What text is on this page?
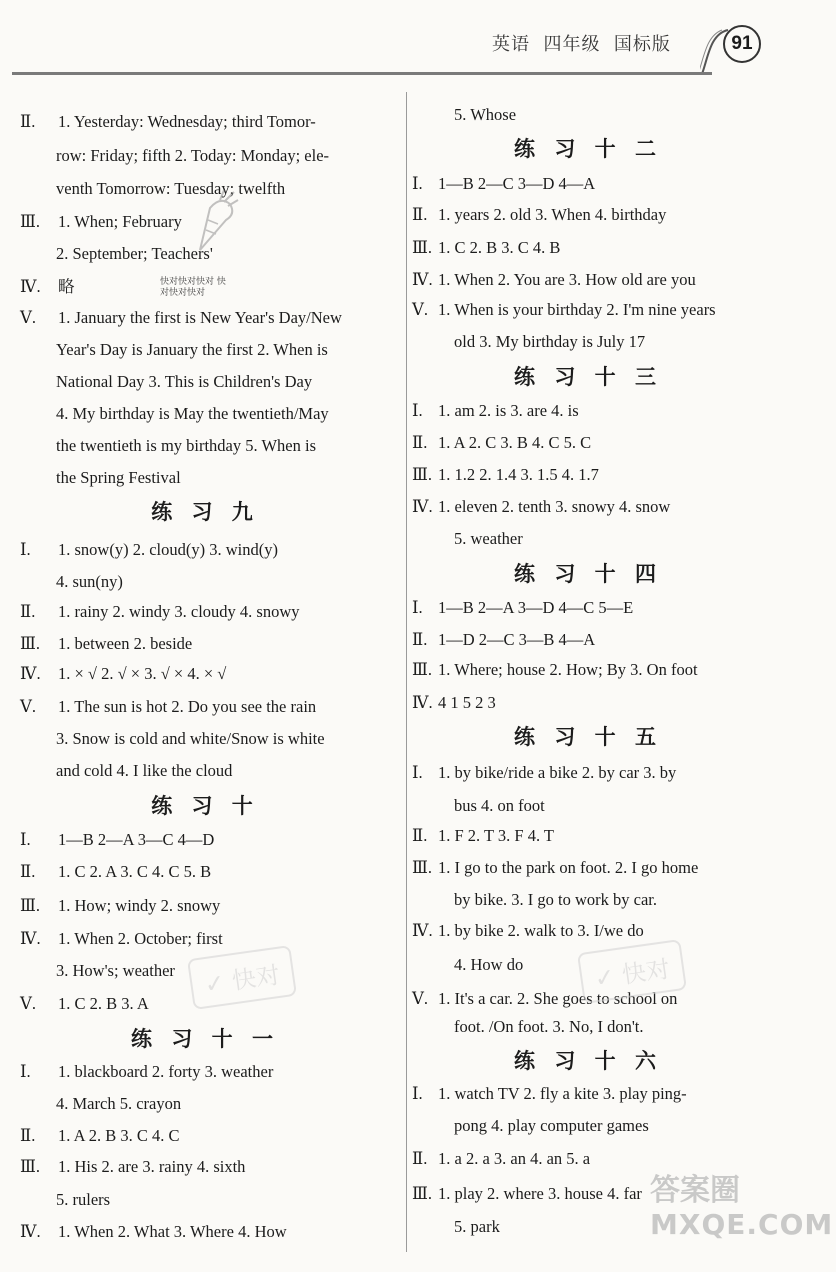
英语  四年级  国标版	91
Ⅱ. 1. Yesterday: Wednesday; third Tomor-
row: Friday; fifth 2. Today: Monday; ele-
venth Tomorrow: Tuesday; twelfth
Ⅲ. 1. When; February
2. September; Teachers'
Ⅳ. 略
Ⅴ. 1. January the first is New Year's Day/New
Year's Day is January the first 2. When is
National Day 3. This is Children's Day
4. My birthday is May the twentieth/May
the twentieth is my birthday 5. When is
the Spring Festival
练 习 九
Ⅰ. 1. snow(y) 2. cloud(y) 3. wind(y)
4. sun(ny)
Ⅱ. 1. rainy 2. windy 3. cloudy 4. snowy
Ⅲ. 1. between 2. beside
Ⅳ. 1. × √ 2. √ × 3. √ × 4. × √
Ⅴ. 1. The sun is hot 2. Do you see the rain
3. Snow is cold and white/Snow is white
and cold 4. I like the cloud
练 习 十
Ⅰ. 1—B 2—A 3—C 4—D
Ⅱ. 1. C 2. A 3. C 4. C 5. B
Ⅲ. 1. How; windy 2. snowy
Ⅳ. 1. When 2. October; first
3. How's; weather
Ⅴ. 1. C 2. B 3. A
练 习 十 一
Ⅰ. 1. blackboard 2. forty 3. weather
4. March 5. crayon
Ⅱ. 1. A 2. B 3. C 4. C
Ⅲ. 1. His 2. are 3. rainy 4. sixth
5. rulers
Ⅳ. 1. When 2. What 3. Where 4. How
5. Whose
练 习 十 二
Ⅰ. 1—B 2—C 3—D 4—A
Ⅱ. 1. years 2. old 3. When 4. birthday
Ⅲ. 1. C 2. B 3. C 4. B
Ⅳ. 1. When 2. You are 3. How old are you
Ⅴ. 1. When is your birthday 2. I'm nine years
old 3. My birthday is July 17
练 习 十 三
Ⅰ. 1. am 2. is 3. are 4. is
Ⅱ. 1. A 2. C 3. B 4. C 5. C
Ⅲ. 1. 1.2 2. 1.4 3. 1.5 4. 1.7
Ⅳ. 1. eleven 2. tenth 3. snowy 4. snow
5. weather
练 习 十 四
Ⅰ. 1—B 2—A 3—D 4—C 5—E
Ⅱ. 1—D 2—C 3—B 4—A
Ⅲ. 1. Where; house 2. How; By 3. On foot
Ⅳ. 4 1 5 2 3
练 习 十 五
Ⅰ. 1. by bike/ride a bike 2. by car 3. by
bus 4. on foot
Ⅱ. 1. F 2. T 3. F 4. T
Ⅲ. 1. I go to the park on foot. 2. I go home
by bike. 3. I go to work by car.
Ⅳ. 1. by bike 2. walk to 3. I/we do
4. How do
Ⅴ. 1. It's a car. 2. She goes to school on
foot. /On foot. 3. No, I don't.
练 习 十 六
Ⅰ. 1. watch TV 2. fly a kite 3. play ping-
pong 4. play computer games
Ⅱ. 1. a 2. a 3. an 4. an 5. a
Ⅲ. 1. play 2. where 3. house 4. far
5. park
快对快对快对 快对快对快对
✓ 快对	✓ 快对
答案圈
MXQE.COM
